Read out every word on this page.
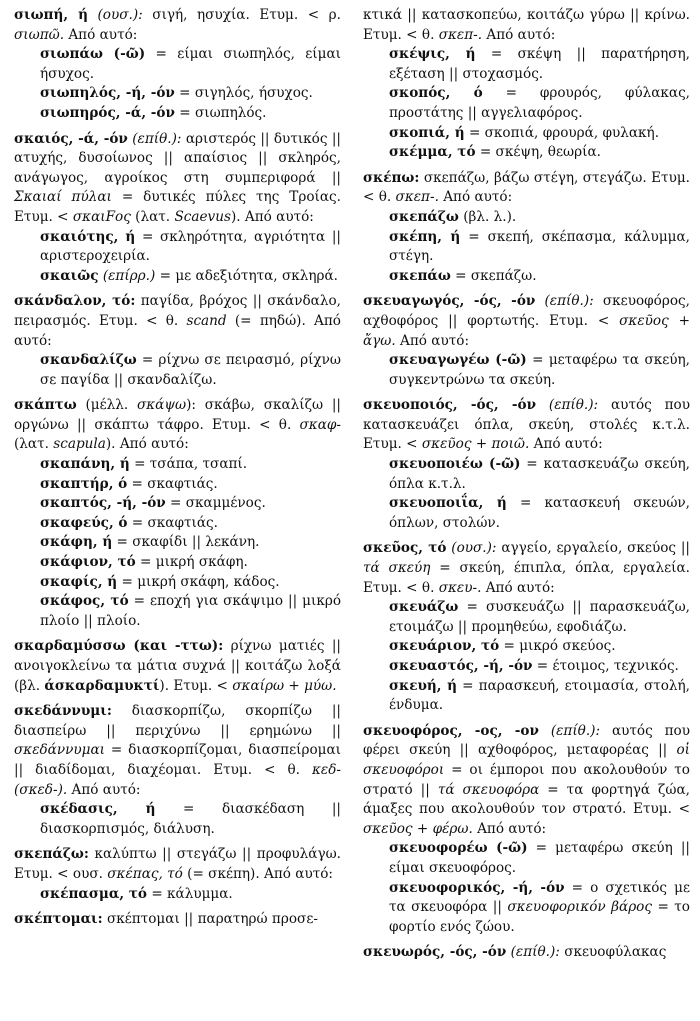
σιωπή, ή (ουσ.): σιγή, ησυχία. Ετυμ. < ρ. σιωπῶ. Από αυτό:

σιωπάω (-ῶ) = είμαι σιωπηλός, είμαι ήσυχος.

σιωπηλός, -ή, -όν = σιγηλός, ήσυχος.

σιωπηρός, -ά, -όν = σιωπηλός.

σκαιός, -ά, -όν (επίθ.): αριστερός || δυτικός || ατυχής, δυσοίωνος || απαίσιος || σκληρός, ανάγωγος, αγροίκος στη συμπεριφορά || Σκαιαί πύλαι = δυτικές πύλες της Τροίας. Ετυμ. < σκαιFος (λατ. Scaevus). Από αυτό:

σκαιότης, ή = σκληρότητα, αγριότητα || αριστεροχειρία.

σκαιῶς (επίρρ.) = με αδεξιότητα, σκληρά.

σκάνδαλον, τό: παγίδα, βρόχος || σκάνδαλο, πειρασμός. Ετυμ. < θ. scand (= πηδώ). Από αυτό:

σκανδαλίζω = ρίχνω σε πειρασμό, ρίχνω σε παγίδα || σκανδαλίζω.

σκάπτω (μέλλ. σκάψω): σκάβω, σκαλίζω || οργώνω || σκάπτω τάφρο. Ετυμ. < θ. σκαφ- (λατ. scapula). Από αυτό:

σκαπάνη, ή = τσάπα, τσαπί.

σκαπτήρ, ό = σκαφτιάς.

σκαπτός, -ή, -όν = σκαμμένος.

σκαφεύς, ό = σκαφτιάς.

σκάφη, ή = σκαφίδι || λεκάνη.

σκάφιον, τό = μικρή σκάφη.

σκαφίς, ή = μικρή σκάφη, κάδος.

σκάφος, τό = εποχή για σκάψιμο || μικρό πλοίο || πλοίο.

σκαρδαμύσσω (και -ττω): ρίχνω ματιές || ανοιγοκλείνω τα μάτια συχνά || κοιτάζω λοξά (βλ. άσκαρδαμυκτί). Ετυμ. < σκαίρω + μύω.

σκεδάννυμι: διασκορπίζω, σκορπίζω || διασπείρω || περιχύνω || ερημώνω || σκεδάννυμαι = διασκορπίζομαι, διασπείρομαι || διαδίδομαι, διαχέομαι. Ετυμ. < θ. κεδ- (σκεδ-). Από αυτό:

σκέδασις, ή = διασκέδαση || διασκορπισμός, διάλυση.

σκεπάζω: καλύπτω || στεγάζω || προφυλάγω. Ετυμ. < ουσ. σκέπας, τό (= σκέπη). Από αυτό:

σκέπασμα, τό = κάλυμμα.

σκέπτομαι: σκέπτομαι || παρατηρώ προσε-

κτικά || κατασκοπεύω, κοιτάζω γύρω || κρίνω. Ετυμ. < θ. σκεπ-. Από αυτό:

σκέψις, ή = σκέψη || παρατήρηση, εξέταση || στοχασμός.

σκοπός, ό = φρουρός, φύλακας, προστάτης || αγγελιαφόρος.

σκοπιά, ή = σκοπιά, φρουρά, φυλακή.

σκέμμα, τό = σκέψη, θεωρία.

σκέπω: σκεπάζω, βάζω στέγη, στεγάζω. Ετυμ. < θ. σκεπ-. Από αυτό:

σκεπάζω (βλ. λ.).

σκέπη, ή = σκεπή, σκέπασμα, κάλυμμα, στέγη.

σκεπάω = σκεπάζω.

σκευαγωγός, -ός, -όν (επίθ.): σκευοφόρος, αχθοφόρος || φορτωτής. Ετυμ. < σκεῦος + ἄγω. Από αυτό:

σκευαγωγέω (-ῶ) = μεταφέρω τα σκεύη, συγκεντρώνω τα σκεύη.

σκευοποιός, -ός, -όν (επίθ.): αυτός που κατασκευάζει όπλα, σκεύη, στολές κ.τ.λ. Ετυμ. < σκεῦος + ποιῶ. Από αυτό:

σκευοποιέω (-ῶ) = κατασκευάζω σκεύη, όπλα κ.τ.λ.

σκευοποιΐα, ή = κατασκευή σκευών, όπλων, στολών.

σκεῦος, τό (ουσ.): αγγείο, εργαλείο, σκεύος || τά σκεύη = σκεύη, έπιπλα, όπλα, εργαλεία. Ετυμ. < θ. σκευ-. Από αυτό:

σκευάζω = συσκευάζω || παρασκευάζω, ετοιμάζω || προμηθεύω, εφοδιάζω.

σκευάριον, τό = μικρό σκεύος.

σκευαστός, -ή, -όν = έτοιμος, τεχνικός.

σκευή, ή = παρασκευή, ετοιμασία, στολή, ένδυμα.

σκευοφόρος, -ος, -ον (επίθ.): αυτός που φέρει σκεύη || αχθοφόρος, μεταφορέας || οἱ σκευοφόροι = οι έμποροι που ακολουθούν το στρατό || τά σκευοφόρα = τα φορτηγά ζώα, άμαξες που ακολουθούν τον στρατό. Ετυμ. < σκεῦος + φέρω. Από αυτό:

σκευοφορέω (-ῶ) = μεταφέρω σκεύη || είμαι σκευοφόρος.

σκευοφορικός, -ή, -όν = ο σχετικός με τα σκευοφόρα || σκευοφορικόν βάρος = το φορτίο ενός ζώου.

σκευωρός, -ός, -όν (επίθ.): σκευοφύλακας
